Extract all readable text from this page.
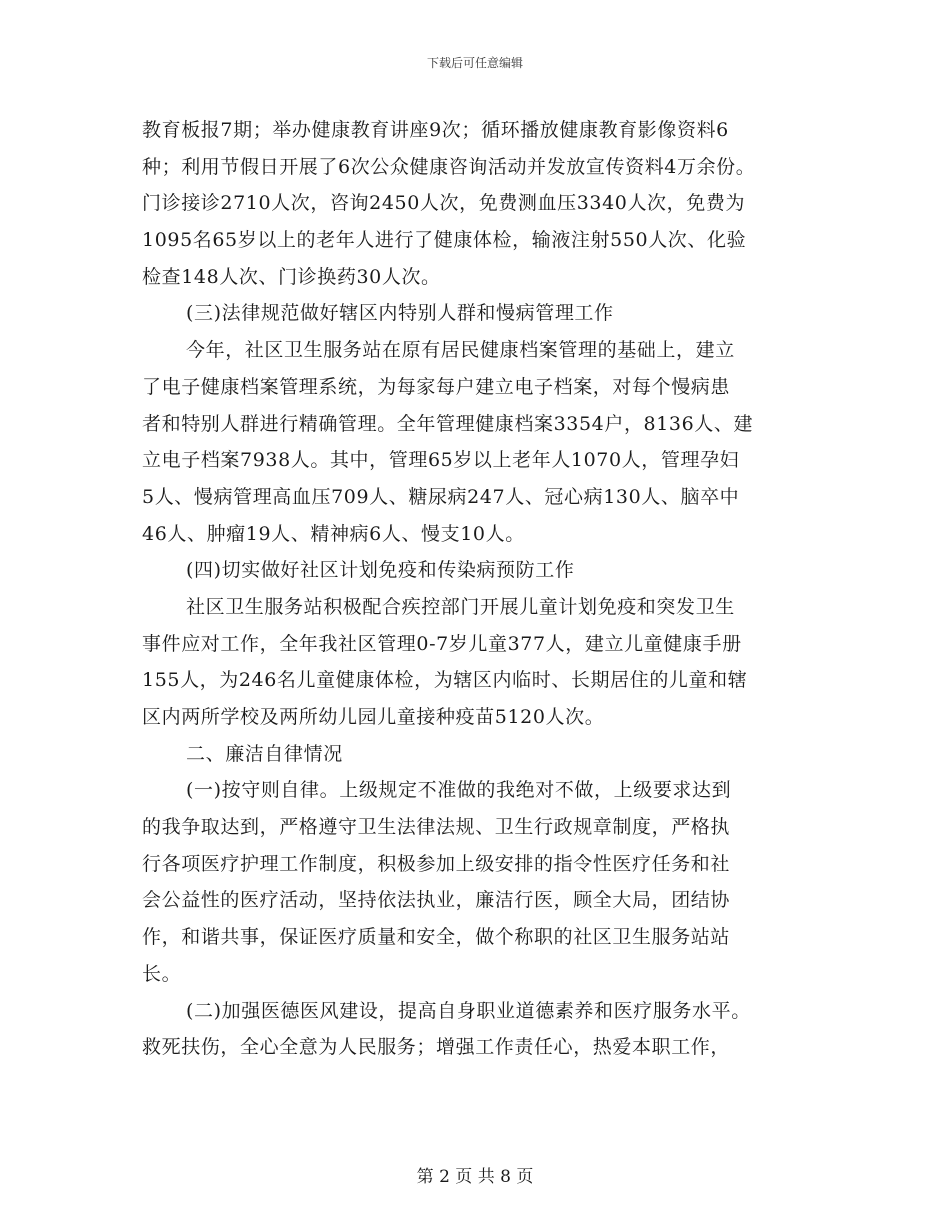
下载后可任意编辑
教育板报7期；举办健康教育讲座9次；循环播放健康教育影像资料6
种；利用节假日开展了6次公众健康咨询活动并发放宣传资料4万余份。
门诊接诊2710人次，咨询2450人次，免费测血压3340人次，免费为
1095名65岁以上的老年人进行了健康体检，输液注射550人次、化验
检查148人次、门诊换药30人次。
(三)法律规范做好辖区内特别人群和慢病管理工作
今年，社区卫生服务站在原有居民健康档案管理的基础上，建立
了电子健康档案管理系统，为每家每户建立电子档案，对每个慢病患
者和特别人群进行精确管理。全年管理健康档案3354户，8136人、建
立电子档案7938人。其中，管理65岁以上老年人1070人，管理孕妇
5人、慢病管理高血压709人、糖尿病247人、冠心病130人、脑卒中
46人、肿瘤19人、精神病6人、慢支10人。
(四)切实做好社区计划免疫和传染病预防工作
社区卫生服务站积极配合疾控部门开展儿童计划免疫和突发卫生
事件应对工作，全年我社区管理0-7岁儿童377人，建立儿童健康手册
155人，为246名儿童健康体检，为辖区内临时、长期居住的儿童和辖
区内两所学校及两所幼儿园儿童接种疫苗5120人次。
二、廉洁自律情况
(一)按守则自律。上级规定不准做的我绝对不做，上级要求达到
的我争取达到，严格遵守卫生法律法规、卫生行政规章制度，严格执
行各项医疗护理工作制度，积极参加上级安排的指令性医疗任务和社
会公益性的医疗活动，坚持依法执业，廉洁行医，顾全大局，团结协
作，和谐共事，保证医疗质量和安全，做个称职的社区卫生服务站站
长。
(二)加强医德医风建设，提高自身职业道德素养和医疗服务水平。
救死扶伤，全心全意为人民服务；增强工作责任心，热爱本职工作，
第 2 页 共 8 页
